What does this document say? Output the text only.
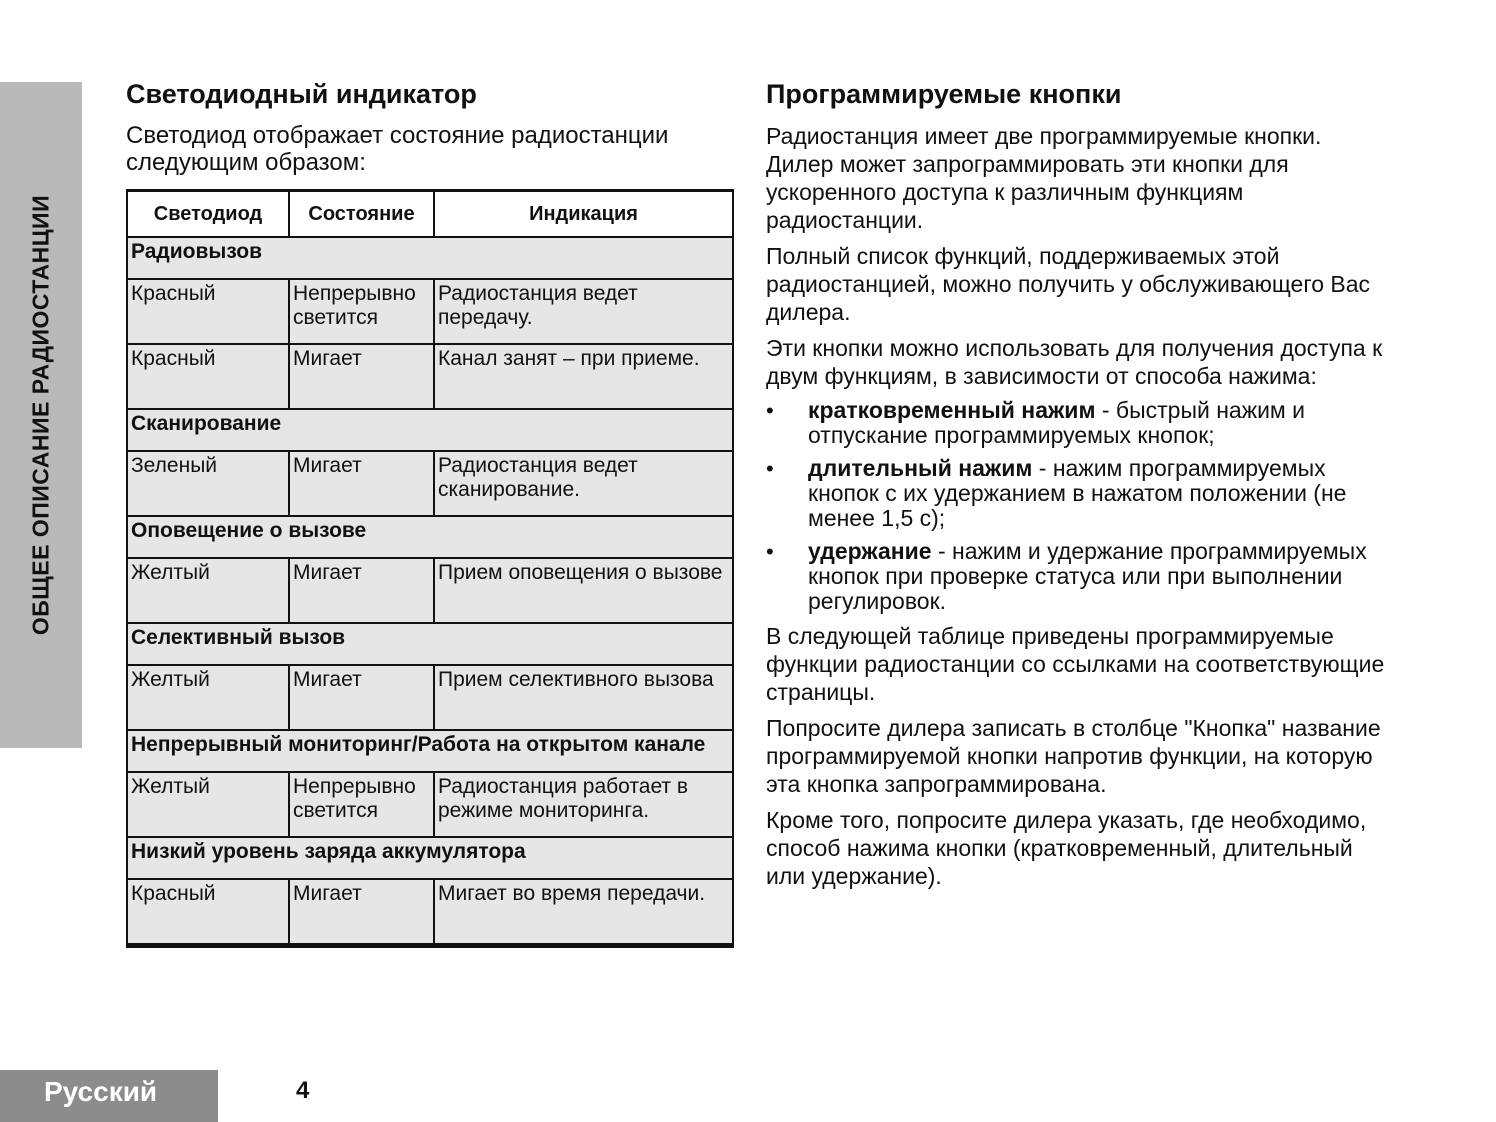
ОБЩЕЕ ОПИСАНИЕ РАДИОСТАНЦИИ
Светодиодный индикатор

Светодиод отображает состояние радиостанции следующим образом:

Светодиод	Состояние	Индикация
Радиовызов		
Красный	Непрерывно светится	Радиостанция ведет передачу.
Красный	Мигает	Канал занят – при приеме.
Сканирование		
Зеленый	Мигает	Радиостанция ведет сканирование.
Оповещение о вызове		
Желтый	Мигает	Прием оповещения о вызове
Селективный вызов		
Желтый	Мигает	Прием селективного вызова
Непрерывный мониторинг/Работа на открытом канале		
Желтый	Непрерывно светится	Радиостанция работает в режиме мониторинга.
Низкий уровень заряда аккумулятора		
Красный	Мигает	Мигает во время передачи.
Программируемые кнопки

Радиостанция имеет две программируемые кнопки. Дилер может запрограммировать эти кнопки для ускоренного доступа к различным функциям радиостанции.

Полный список функций, поддерживаемых этой радиостанцией, можно получить у обслуживающего Вас дилера.

Эти кнопки можно использовать для получения доступа к двум функциям, в зависимости от способа нажима:

• кратковременный нажим - быстрый нажим и отпускание программируемых кнопок;
• длительный нажим - нажим программируемых кнопок с их удержанием в нажатом положении (не менее 1,5 с);
• удержание - нажим и удержание программируемых кнопок при проверке статуса или при выполнении регулировок.

В следующей таблице приведены программируемые функции радиостанции со ссылками на соответствующие страницы.

Попросите дилера записать в столбце "Кнопка" название программируемой кнопки напротив функции, на которую эта кнопка запрограммирована.

Кроме того, попросите дилера указать, где необходимо, способ нажима кнопки (кратковременный, длительный или удержание).

Русский	4
